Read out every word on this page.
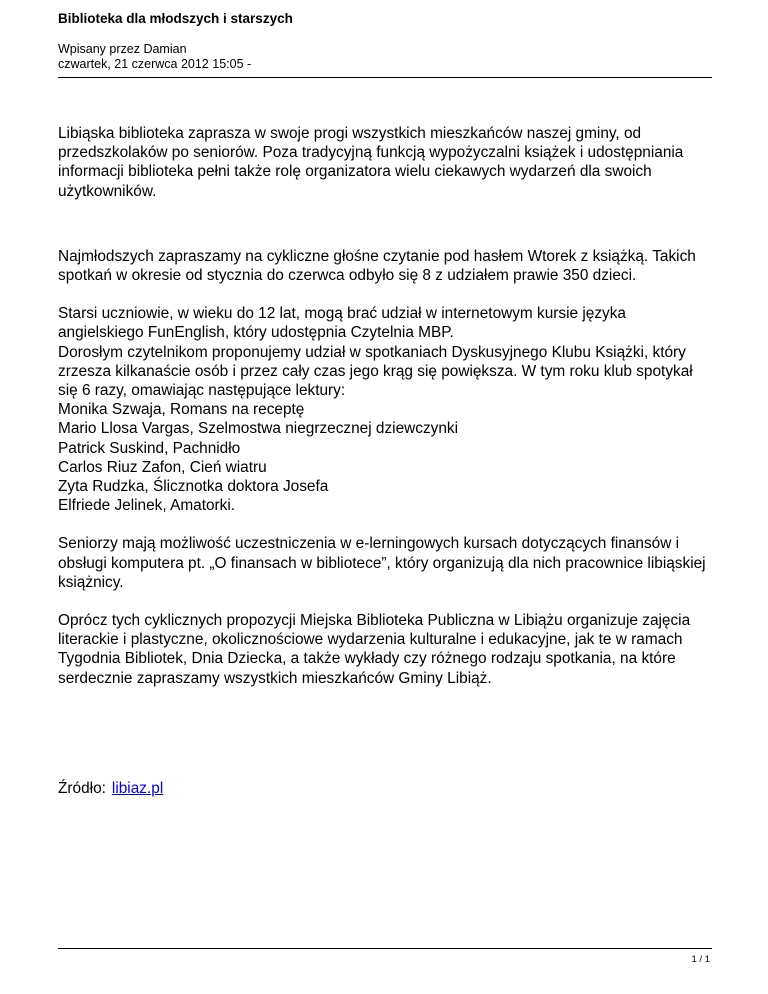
Biblioteka dla młodszych i starszych
Wpisany przez Damian
czwartek, 21 czerwca 2012 15:05 -

Libiąska biblioteka zaprasza w swoje progi wszystkich mieszkańców naszej gminy, od
przedszkolaków po seniorów. Poza tradycyjną funkcją wypożyczalni książek i udostępniania
informacji biblioteka pełni także rolę organizatora wielu ciekawych wydarzeń dla swoich
użytkowników.

Najmłodszych zapraszamy na cykliczne głośne czytanie pod hasłem Wtorek z książką. Takich
spotkań w okresie od stycznia do czerwca odbyło się 8 z udziałem prawie 350 dzieci.

Starsi uczniowie, w wieku do 12 lat, mogą brać udział w internetowym kursie języka
angielskiego FunEnglish, który udostępnia Czytelnia MBP.
Dorosłym czytelnikom proponujemy udział w spotkaniach Dyskusyjnego Klubu Książki, który
zrzesza kilkanaście osób i przez cały czas jego krąg się powiększa. W tym roku klub spotykał
się 6 razy, omawiając następujące lektury:
Monika Szwaja, Romans na receptę
Mario Llosa Vargas, Szelmostwa niegrzecznej dziewczynki
Patrick Suskind, Pachnidło
Carlos Riuz Zafon, Cień wiatru
Zyta Rudzka, Ślicznotka doktora Josefa
Elfriede Jelinek, Amatorki.

Seniorzy mają możliwość uczestniczenia w e-lerningowych kursach dotyczących finansów i
obsługi komputera pt. „O finansach w bibliotece”, który organizują dla nich pracownice libiąskiej
książnicy.

Oprócz tych cyklicznych propozycji Miejska Biblioteka Publiczna w Libiążu organizuje zajęcia
literackie i plastyczne, okolicznościowe wydarzenia kulturalne i edukacyjne, jak te w ramach
Tygodnia Bibliotek, Dnia Dziecka, a także wykłady czy różnego rodzaju spotkania, na które
serdecznie zapraszamy wszystkich mieszkańców Gminy Libiąż.

Źródło: libiaz.pl
1 / 1
